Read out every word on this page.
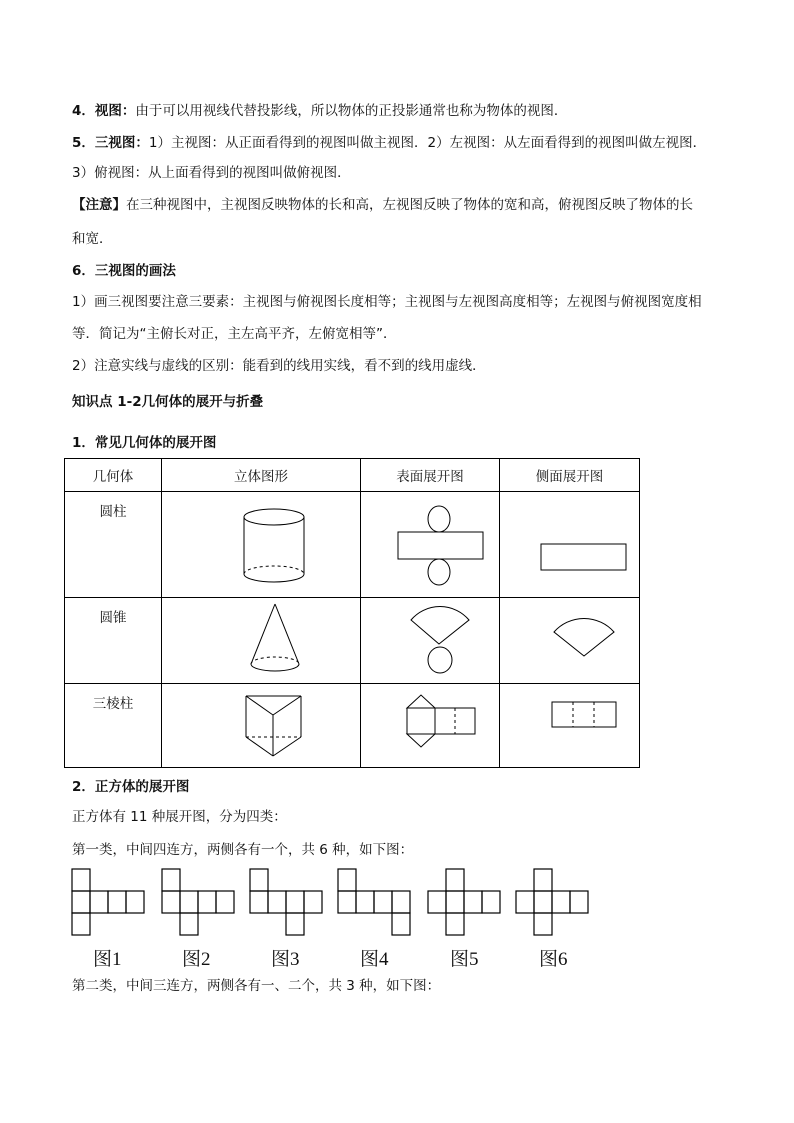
4．视图：由于可以用视线代替投影线，所以物体的正投影通常也称为物体的视图．
5．三视图：1）主视图：从正面看得到的视图叫做主视图．2）左视图：从左面看得到的视图叫做左视图．
3）俯视图：从上面看得到的视图叫做俯视图．
【注意】在三种视图中，主视图反映物体的长和高，左视图反映了物体的宽和高，俯视图反映了物体的长
和宽．
6．三视图的画法
1）画三视图要注意三要素：主视图与俯视图长度相等；主视图与左视图高度相等；左视图与俯视图宽度相
等．简记为“主俯长对正，主左高平齐，左俯宽相等”．
2）注意实线与虚线的区别：能看到的线用实线，看不到的线用虚线．
知识点 1-2几何体的展开与折叠
1．常见几何体的展开图
几何体	立体图形	表面展开图	侧面展开图
圆柱	

圆锥	

三棱柱	

2．正方体的展开图
正方体有 11 种展开图，分为四类：
第一类，中间四连方，两侧各有一个，共 6 种，如下图：
图1	图2	图3	图4	图5	图6
第二类，中间三连方，两侧各有一、二个，共 3 种，如下图：
